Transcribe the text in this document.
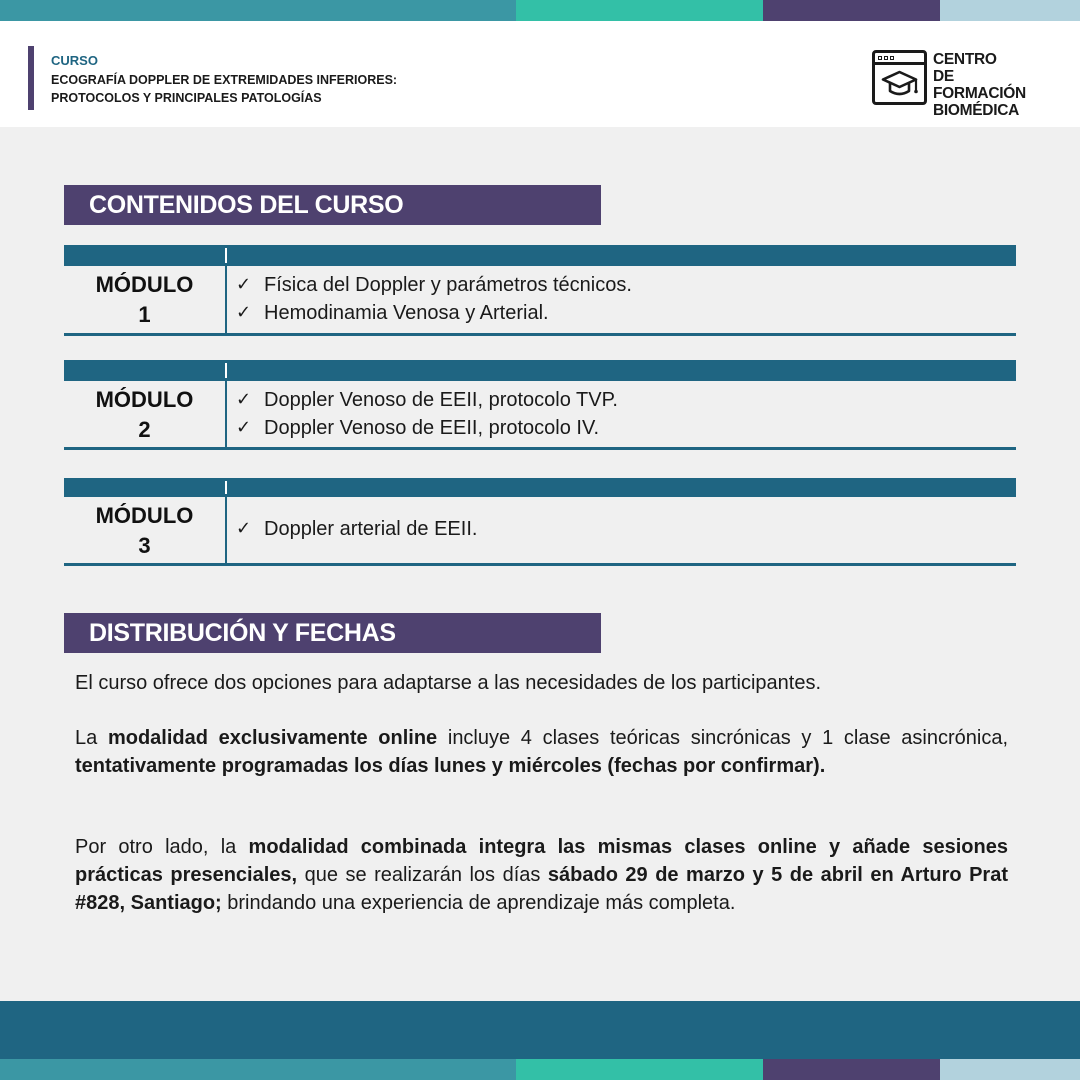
CURSO
ECOGRAFÍA DOPPLER DE EXTREMIDADES INFERIORES:
PROTOCOLOS Y PRINCIPALES PATOLOGÍAS
CENTRO
DE FORMACIÓN
BIOMÉDICA
CONTENIDOS DEL CURSO
MÓDULO
1
✓ Física del Doppler y parámetros técnicos.
✓ Hemodinamia Venosa y Arterial.
MÓDULO
2
✓ Doppler Venoso de EEII, protocolo TVP.
✓ Doppler Venoso de EEII, protocolo IV.
MÓDULO
3
✓ Doppler arterial de EEII.
DISTRIBUCIÓN Y FECHAS
El curso ofrece dos opciones para adaptarse a las necesidades de los participantes.
La modalidad exclusivamente online incluye 4 clases teóricas sincrónicas y 1 clase asincrónica, tentativamente programadas los días lunes y miércoles (fechas por confirmar).
Por otro lado, la modalidad combinada integra las mismas clases online y añade sesiones prácticas presenciales, que se realizarán los días sábado 29 de marzo y 5 de abril en Arturo Prat #828, Santiago; brindando una experiencia de aprendizaje más completa.
